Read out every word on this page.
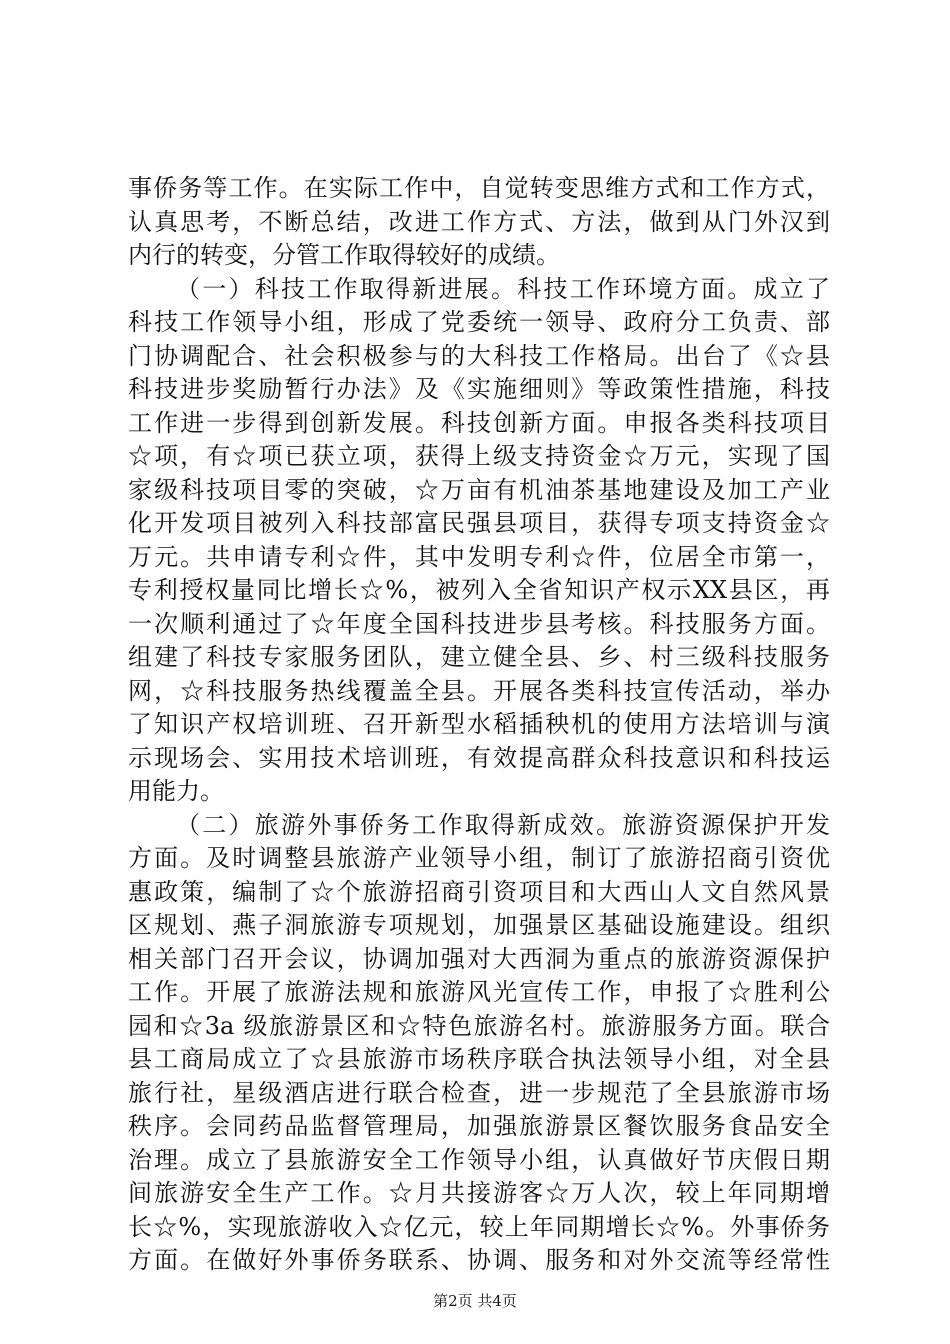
事侨务等工作。在实际工作中，自觉转变思维方式和工作方式，
认真思考，不断总结，改进工作方式、方法，做到从门外汉到
内行的转变，分管工作取得较好的成绩。
（一）科技工作取得新进展。科技工作环境方面。成立了
科技工作领导小组，形成了党委统一领导、政府分工负责、部
门协调配合、社会积极参与的大科技工作格局。出台了《☆县
科技进步奖励暂行办法》及《实施细则》等政策性措施，科技
工作进一步得到创新发展。科技创新方面。申报各类科技项目
☆项，有☆项已获立项，获得上级支持资金☆万元，实现了国
家级科技项目零的突破，☆万亩有机油茶基地建设及加工产业
化开发项目被列入科技部富民强县项目，获得专项支持资金☆
万元。共申请专利☆件，其中发明专利☆件，位居全市第一，
专利授权量同比增长☆%，被列入全省知识产权示XX县区，再
一次顺利通过了☆年度全国科技进步县考核。科技服务方面。
组建了科技专家服务团队，建立健全县、乡、村三级科技服务
网，☆科技服务热线覆盖全县。开展各类科技宣传活动，举办
了知识产权培训班、召开新型水稻插秧机的使用方法培训与演
示现场会、实用技术培训班，有效提高群众科技意识和科技运
用能力。
（二）旅游外事侨务工作取得新成效。旅游资源保护开发
方面。及时调整县旅游产业领导小组，制订了旅游招商引资优
惠政策，编制了☆个旅游招商引资项目和大西山人文自然风景
区规划、燕子洞旅游专项规划，加强景区基础设施建设。组织
相关部门召开会议，协调加强对大西洞为重点的旅游资源保护
工作。开展了旅游法规和旅游风光宣传工作，申报了☆胜利公
园和☆3a 级旅游景区和☆特色旅游名村。旅游服务方面。联合
县工商局成立了☆县旅游市场秩序联合执法领导小组，对全县
旅行社，星级酒店进行联合检查，进一步规范了全县旅游市场
秩序。会同药品监督管理局，加强旅游景区餐饮服务食品安全
治理。成立了县旅游安全工作领导小组，认真做好节庆假日期
间旅游安全生产工作。☆月共接游客☆万人次，较上年同期增
长☆%，实现旅游收入☆亿元，较上年同期增长☆%。外事侨务
方面。在做好外事侨务联系、协调、服务和对外交流等经常性
第2页 共4页
